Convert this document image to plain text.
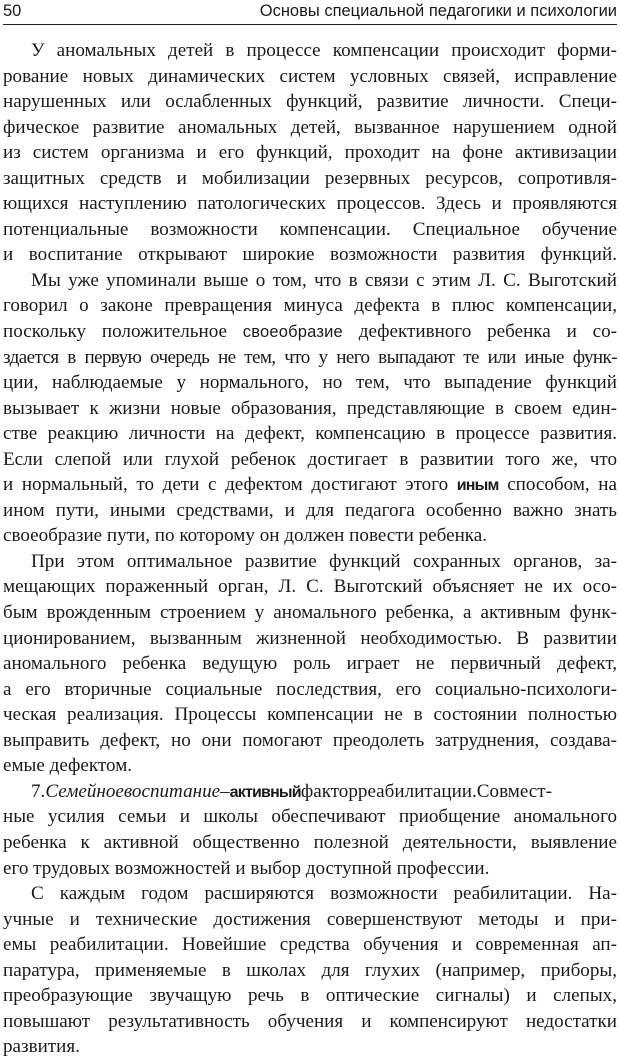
50	Основы специальной педагогики и психологии
У аномальных детей в процессе компенсации происходит форми-
рование новых динамических систем условных связей, исправление
нарушенных или ослабленных функций, развитие личности. Специ-
фическое развитие аномальных детей, вызванное нарушением одной
из систем организма и его функций, проходит на фоне активизации
защитных средств и мобилизации резервных ресурсов, сопротивля-
ющихся наступлению патологических процессов. Здесь и проявляются
потенциальные возможности компенсации. Специальное обучение
и воспитание открывают широкие возможности развития функций.
Мы уже упоминали выше о том, что в связи с этим Л. С. Выготский
говорил о законе превращения минуса дефекта в плюс компенсации,
поскольку положительное своеобразие дефективного ребенка и со-
здается в первую очередь не тем, что у него выпадают те или иные функ-
ции, наблюдаемые у нормального, но тем, что выпадение функций
вызывает к жизни новые образования, представляющие в своем един-
стве реакцию личности на дефект, компенсацию в процессе развития.
Если слепой или глухой ребенок достигает в развитии того же, что
и нормальный, то дети с дефектом достигают этого иным способом, на
ином пути, иными средствами, и для педагога особенно важно знать
своеобразие пути, по которому он должен повести ребенка.
При этом оптимальное развитие функций сохранных органов, за-
мещающих пораженный орган, Л. С. Выготский объясняет не их осо-
бым врожденным строением у аномального ребенка, а активным функ-
ционированием, вызванным жизненной необходимостью. В развитии
аномального ребенка ведущую роль играет не первичный дефект,
а его вторичные социальные последствия, его социально-психологи-
ческая реализация. Процессы компенсации не в состоянии полностью
выправить дефект, но они помогают преодолеть затруднения, создава-
емые дефектом.
7.Семейноевоспитание–активныйфакторреабилитации.Совмест-
ные усилия семьи и школы обеспечивают приобщение аномального
ребенка к активной общественно полезной деятельности, выявление
его трудовых возможностей и выбор доступной профессии.
С каждым годом расширяются возможности реабилитации. На-
учные и технические достижения совершенствуют методы и при-
емы реабилитации. Новейшие средства обучения и современная ап-
паратура, применяемые в школах для глухих (например, приборы,
преобразующие звучащую речь в оптические сигналы) и слепых,
повышают результативность обучения и компенсируют недостатки
развития.
